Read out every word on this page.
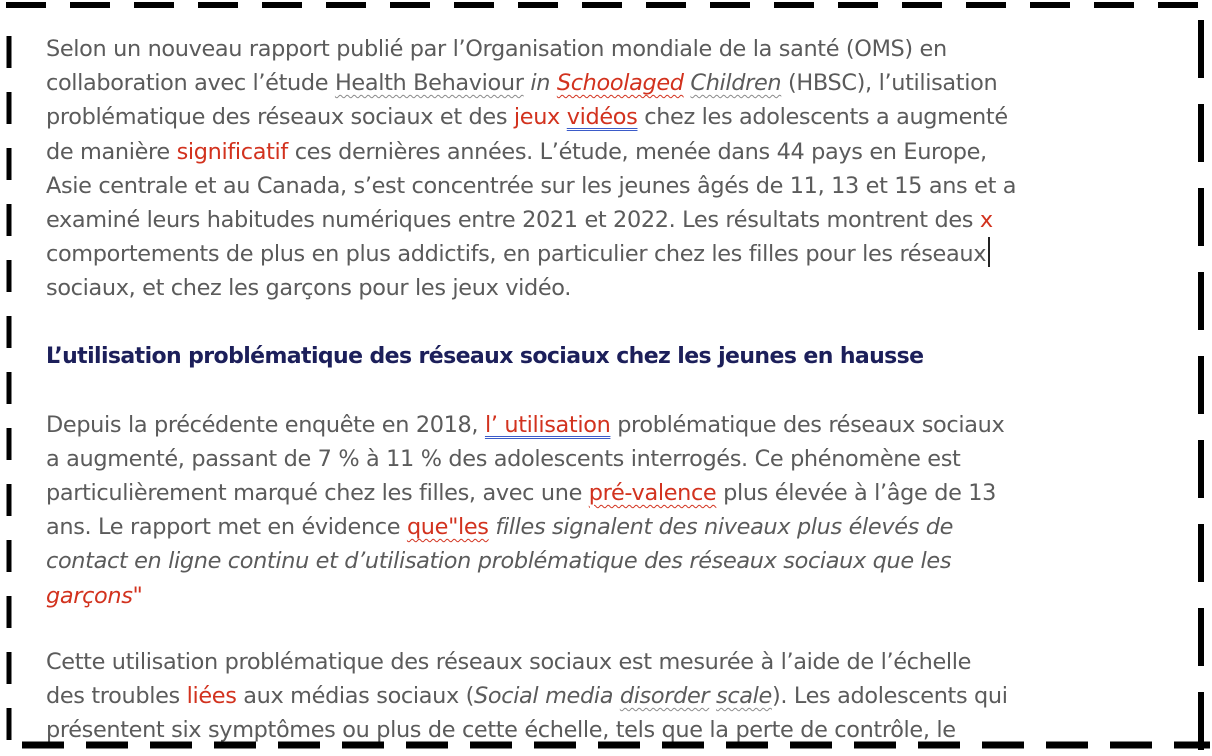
Selon un nouveau rapport publié par l’Organisation mondiale de la santé (OMS) en

collaboration avec l’étude Health Behaviour in Schoolaged Children (HBSC), l’utilisation

problématique des réseaux sociaux et des jeux vidéos chez les adolescents a augmenté

de manière significatif ces dernières années. L’étude, menée dans 44 pays en Europe,

Asie centrale et au Canada, s’est concentrée sur les jeunes âgés de 11, 13 et 15 ans et a

examiné leurs habitudes numériques entre 2021 et 2022. Les résultats montrent des x

comportements de plus en plus addictifs, en particulier chez les filles pour les réseaux

sociaux, et chez les garçons pour les jeux vidéo.

L’utilisation problématique des réseaux sociaux chez les jeunes en hausse

Depuis la précédente enquête en 2018, l’ utilisation problématique des réseaux sociaux

a augmenté, passant de 7 % à 11 % des adolescents interrogés. Ce phénomène est

particulièrement marqué chez les filles, avec une pré-valence plus élevée à l’âge de 13

ans. Le rapport met en évidence que"les filles signalent des niveaux plus élevés de

contact en ligne continu et d’utilisation problématique des réseaux sociaux que les

garçons"

Cette utilisation problématique des réseaux sociaux est mesurée à l’aide de l’échelle

des troubles liées aux médias sociaux (Social media disorder scale). Les adolescents qui

présentent six symptômes ou plus de cette échelle, tels que la perte de contrôle, le
